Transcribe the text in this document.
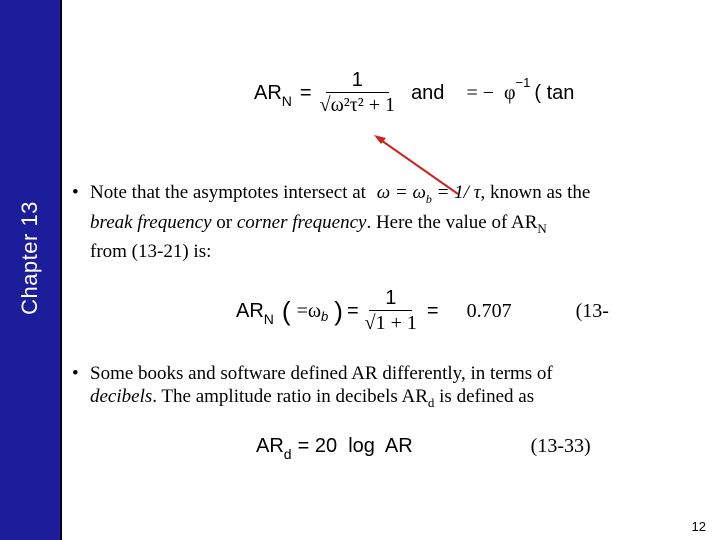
Chapter 13
AR $N = \frac{1}{\text{√ω²τ² + 1}}$ and = −  φ −1 ( tan
• Note that the asymptotes intersect at $\omega = \omega_b = 1/$ τ, known as the
break frequency or corner frequency. Here the value of $AR_N$
from (13-21) is:
AR N ( =ω b ) = $\frac{1}{√1 + 1} = 0.707$	(13-
• Some books and software defined AR differently, in terms of
decibels. The amplitude ratio in decibels $AR_d$ is defined as
AR d = 20  log  AR	(13-33)
12
